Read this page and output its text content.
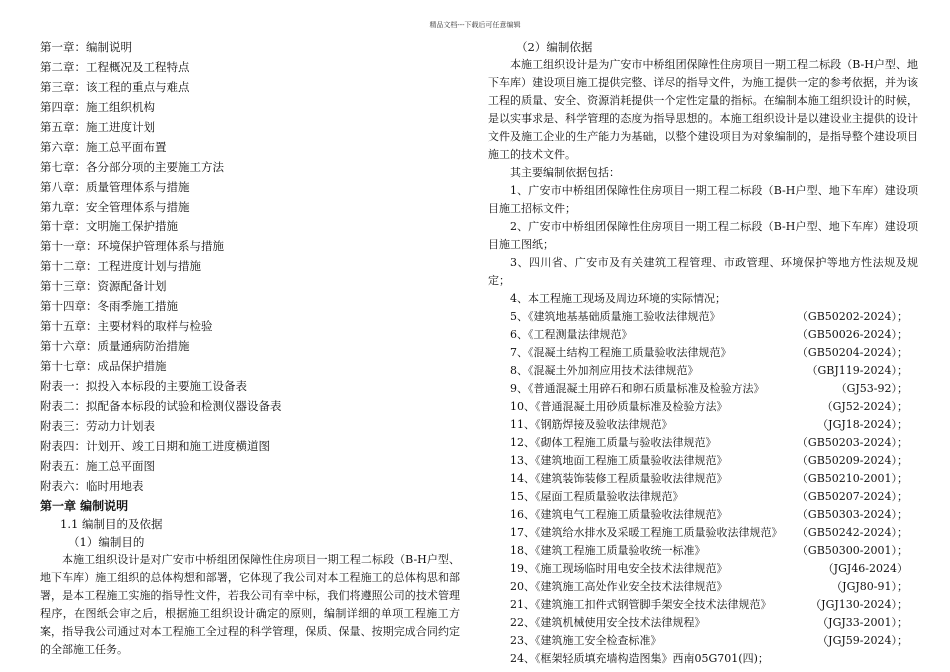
精品文档---下载后可任意编辑
第一章：编制说明
第二章：工程概况及工程特点
第三章：该工程的重点与难点
第四章：施工组织机构
第五章：施工进度计划
第六章：施工总平面布置
第七章：各分部分项的主要施工方法
第八章：质量管理体系与措施
第九章：安全管理体系与措施
第十章：文明施工保护措施
第十一章：环境保护管理体系与措施
第十二章：工程进度计划与措施
第十三章：资源配备计划
第十四章：冬雨季施工措施
第十五章：主要材料的取样与检验
第十六章：质量通病防治措施
第十七章：成品保护措施
附表一：拟投入本标段的主要施工设备表
附表二：拟配备本标段的试验和检测仪器设备表
附表三：劳动力计划表
附表四：计划开、竣工日期和施工进度横道图
附表五：施工总平面图
附表六：临时用地表
第一章 编制说明
1.1 编制目的及依据
（1）编制目的

本施工组织设计是对广安市中桥组团保障性住房项目一期工程二标段（B-H户型、地下车库）施工组织的总体构想和部署，它体现了我公司对本工程施工的总体构思和部署，是本工程施工实施的指导性文件，若我公司有幸中标，我们将遵照公司的技术管理程序，在图纸会审之后，根据施工组织设计确定的原则，编制详细的单项工程施工方案，指导我公司通过对本工程施工全过程的科学管理，保质、保量、按期完成合同约定的全部施工任务。

（2）编制依据

本施工组织设计是为广安市中桥组团保障性住房项目一期工程二标段（B-H户型、地下车库）建设项目施工提供完整、详尽的指导文件，为施工提供一定的参考依据，并为该工程的质量、安全、资源消耗提供一个定性定量的指标。在编制本施工组织设计的时候，是以实事求是、科学管理的态度为指导思想的。本施工组织设计是以建设业主提供的设计文件及施工企业的生产能力为基础，以整个建设项目为对象编制的，是指导整个建设项目施工的技术文件。

其主要编制依据包括：

1、广安市中桥组团保障性住房项目一期工程二标段（B-H户型、地下车库）建设项目施工招标文件；

2、广安市中桥组团保障性住房项目一期工程二标段（B-H户型、地下车库）建设项目施工图纸；

3、四川省、广安市及有关建筑工程管理、市政管理、环境保护等地方性法规及规定；

4、本工程施工现场及周边环境的实际情况；

5、《建筑地基基础质量施工验收法律规范》	（GB50202-2024）；
6、《工程测量法律规范》	（GB50026-2024）；
7、《混凝土结构工程施工质量验收法律规范》	（GB50204-2024）；
8、《混凝土外加剂应用技术法律规范》	（GBJ119-2024）；
9、《普通混凝土用碎石和卵石质量标准及检验方法》	（GJ53-92）；
10、《普通混凝土用砂质量标准及检验方法》	（GJ52-2024）；
11、《钢筋焊接及验收法律规范》	（JGJ18-2024）；
12、《砌体工程施工质量与验收法律规范》	（GB50203-2024）；
13、《建筑地面工程施工质量验收法律规范》	（GB50209-2024）；
14、《建筑装饰装修工程质量验收法律规范》	（GB50210-2001）；
15、《屋面工程质量验收法律规范》	（GB50207-2024）；
16、《建筑电气工程施工质量验收法律规范》	（GB50303-2024）；
17、《建筑给水排水及采暖工程施工质量验收法律规范》	（GB50242-2024）；
18、《建筑工程施工质量验收统一标准》	（GB50300-2001）；
19、《施工现场临时用电安全技术法律规范》	（JGJ46-2024）
20、《建筑施工高处作业安全技术法律规范》	（JGJ80-91）；
21、《建筑施工扣件式钢管脚手架安全技术法律规范》	（JGJ130-2024）；
22、《建筑机械使用安全技术法律规程》	（JGJ33-2001）；
23、《建筑施工安全检查标准》	（JGJ59-2024）；
24、《框架轻质填充墙构造图集》西南05G701(四)；
